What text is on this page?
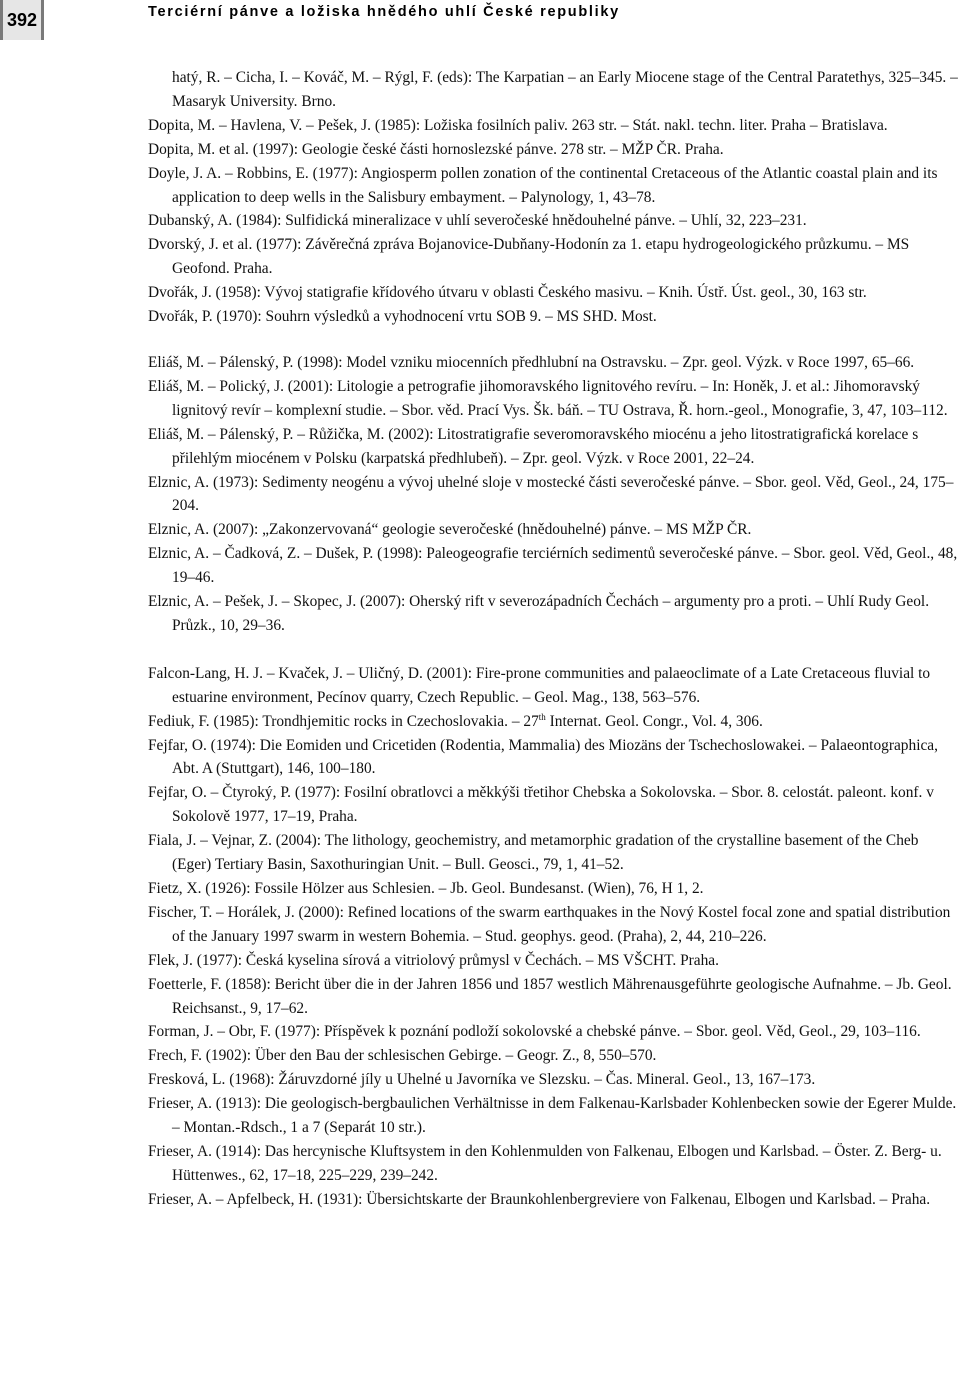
392	Terciérní pánve a ložiska hnědého uhlí České republiky

hatý, R. – Cicha, I. – Kováč, M. – Rýgl, F. (eds): The Karpatian – an Early Miocene stage of the Central Paratethys, 325–345. – Masaryk University. Brno.

Dopita, M. – Havlena, V. – Pešek, J. (1985): Ložiska fosilních paliv. 263 str. – Stát. nakl. techn. liter. Praha – Bratislava.

Dopita, M. et al. (1997): Geologie české části hornoslezské pánve. 278 str. – MŽP ČR. Praha.

Doyle, J. A. – Robbins, E. (1977): Angiosperm pollen zonation of the continental Cretaceous of the Atlantic coastal plain and its application to deep wells in the Salisbury embayment. – Palynology, 1, 43–78.

Dubanský, A. (1984): Sulfidická mineralizace v uhlí severočeské hnědouhelné pánve. – Uhlí, 32, 223–231.

Dvorský, J. et al. (1977): Závěrečná zpráva Bojanovice-Dubňany-Hodonín za 1. etapu hydrogeologického průzkumu. – MS Geofond. Praha.

Dvořák, J. (1958): Vývoj statigrafie křídového útvaru v oblasti Českého masivu. – Knih. Ústř. Úst. geol., 30, 163 str.

Dvořák, P. (1970): Souhrn výsledků a vyhodnocení vrtu SOB 9. – MS SHD. Most.

Eliáš, M. – Pálenský, P. (1998): Model vzniku miocenních předhlubní na Ostravsku. – Zpr. geol. Výzk. v Roce 1997, 65–66.

Eliáš, M. – Polický, J. (2001): Litologie a petrografie jihomoravského lignitového revíru. – In: Honěk, J. et al.: Jihomoravský lignitový revír – komplexní studie. – Sbor. věd. Prací Vys. Šk. báň. – TU Ostrava, Ř. horn.-geol., Monografie, 3, 47, 103–112.

Eliáš, M. – Pálenský, P. – Růžička, M. (2002): Litostratigrafie severomoravského miocénu a jeho litostratigrafická korelace s přilehlým miocénem v Polsku (karpatská předhlubeň). – Zpr. geol. Výzk. v Roce 2001, 22–24.

Elznic, A. (1973): Sedimenty neogénu a vývoj uhelné sloje v mostecké části severočeské pánve. – Sbor. geol. Věd, Geol., 24, 175–204.

Elznic, A. (2007): „Zakonzervovaná“ geologie severočeské (hnědouhelné) pánve. – MS MŽP ČR.

Elznic, A. – Čadková, Z. – Dušek, P. (1998): Paleogeografie terciérních sedimentů severočeské pánve. – Sbor. geol. Věd, Geol., 48, 19–46.

Elznic, A. – Pešek, J. – Skopec, J. (2007): Oherský rift v severozápadních Čechách – argumenty pro a proti. – Uhlí Rudy Geol. Průzk., 10, 29–36.

Falcon-Lang, H. J. – Kvaček, J. – Uličný, D. (2001): Fire-prone communities and palaeoclimate of a Late Cretaceous fluvial to estuarine environment, Pecínov quarry, Czech Republic. – Geol. Mag., 138, 563–576.

Fediuk, F. (1985): Trondhjemitic rocks in Czechoslovakia. – 27th Internat. Geol. Congr., Vol. 4, 306.

Fejfar, O. (1974): Die Eomiden und Cricetiden (Rodentia, Mammalia) des Miozäns der Tschechoslowakei. – Palaeontographica, Abt. A (Stuttgart), 146, 100–180.

Fejfar, O. – Čtyroký, P. (1977): Fosilní obratlovci a měkkýši třetihor Chebska a Sokolovska. – Sbor. 8. celostát. paleont. konf. v Sokolově 1977, 17–19, Praha.

Fiala, J. – Vejnar, Z. (2004): The lithology, geochemistry, and metamorphic gradation of the crystalline basement of the Cheb (Eger) Tertiary Basin, Saxothuringian Unit. – Bull. Geosci., 79, 1, 41–52.

Fietz, X. (1926): Fossile Hölzer aus Schlesien. – Jb. Geol. Bundesanst. (Wien), 76, H 1, 2.

Fischer, T. – Horálek, J. (2000): Refined locations of the swarm earthquakes in the Nový Kostel focal zone and spatial distribution of the January 1997 swarm in western Bohemia. – Stud. geophys. geod. (Praha), 2, 44, 210–226.

Flek, J. (1977): Česká kyselina sírová a vitriolový průmysl v Čechách. – MS VŠCHT. Praha.

Foetterle, F. (1858): Bericht über die in der Jahren 1856 und 1857 westlich Mährenausgeführte geologische Aufnahme. – Jb. Geol. Reichsanst., 9, 17–62.

Forman, J. – Obr, F. (1977): Příspěvek k poznání podloží sokolovské a chebské pánve. – Sbor. geol. Věd, Geol., 29, 103–116.

Frech, F. (1902): Über den Bau der schlesischen Gebirge. – Geogr. Z., 8, 550–570.

Fresková, L. (1968): Žáruvzdorné jíly u Uhelné u Javorníka ve Slezsku. – Čas. Mineral. Geol., 13, 167–173.

Frieser, A. (1913): Die geologisch-bergbaulichen Verhältnisse in dem Falkenau-Karlsbader Kohlenbecken sowie der Egerer Mulde. – Montan.-Rdsch., 1 a 7 (Separát 10 str.).

Frieser, A. (1914): Das hercynische Kluftsystem in den Kohlenmulden von Falkenau, Elbogen und Karlsbad. – Öster. Z. Berg- u. Hüttenwes., 62, 17–18, 225–229, 239–242.

Frieser, A. – Apfelbeck, H. (1931): Übersichtskarte der Braunkohlenbergreviere von Falkenau, Elbogen und Karlsbad. – Praha.
